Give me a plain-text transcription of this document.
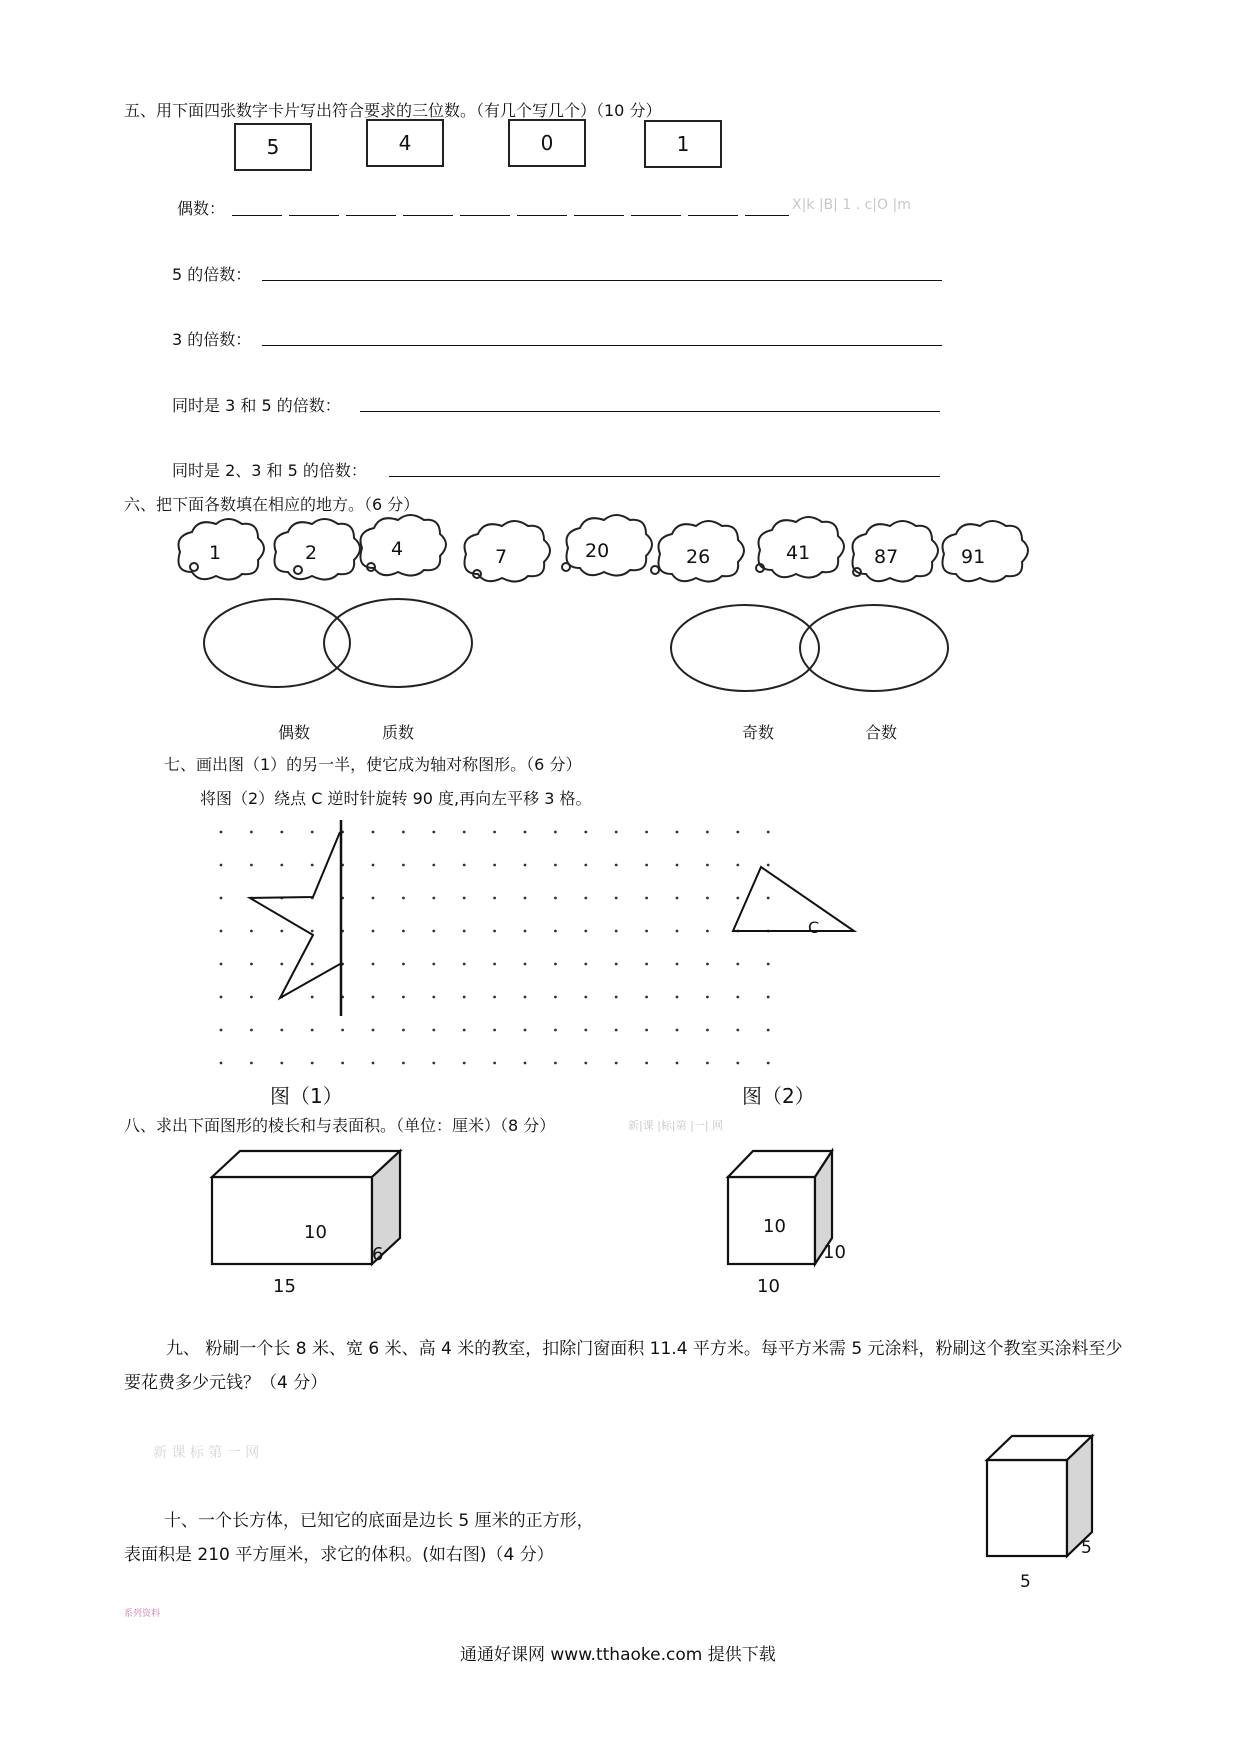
五、用下面四张数字卡片写出符合要求的三位数。（有几个写几个）（10 分）
5	4	0	1
偶数：	X|k |B| 1 . c|O |m
5 的倍数：
3 的倍数：
同时是 3 和 5 的倍数：
同时是 2、3 和 5 的倍数：
六、把下面各数填在相应的地方。（6 分）
1	2	4	7	20	26	41	87	91
偶数	质数	奇数	合数
七、画出图（1）的另一半，使它成为轴对称图形。（6 分）
将图（2）绕点 C 逆时针旋转 90 度,再向左平移 3 格。
C
图（1）	图（2）
八、求出下面图形的棱长和与表面积。（单位：厘米）（8 分）	新|课 |标|第 |一| 网
10
6
15
10
10
10
九、 粉刷一个长 8 米、宽 6 米、高 4 米的教室，扣除门窗面积 11.4 平方米。每平方米需 5 元涂料，粉刷这个教室买涂料至少要花费多少元钱？（4 分）
新 课 标 第 一 网
十、一个长方体，已知它的底面是边长 5 厘米的正方形，
表面积是 210 平方厘米，求它的体积。(如右图)（4 分）	5
5
系列资料
通通好课网 www.tthaoke.com 提供下载
